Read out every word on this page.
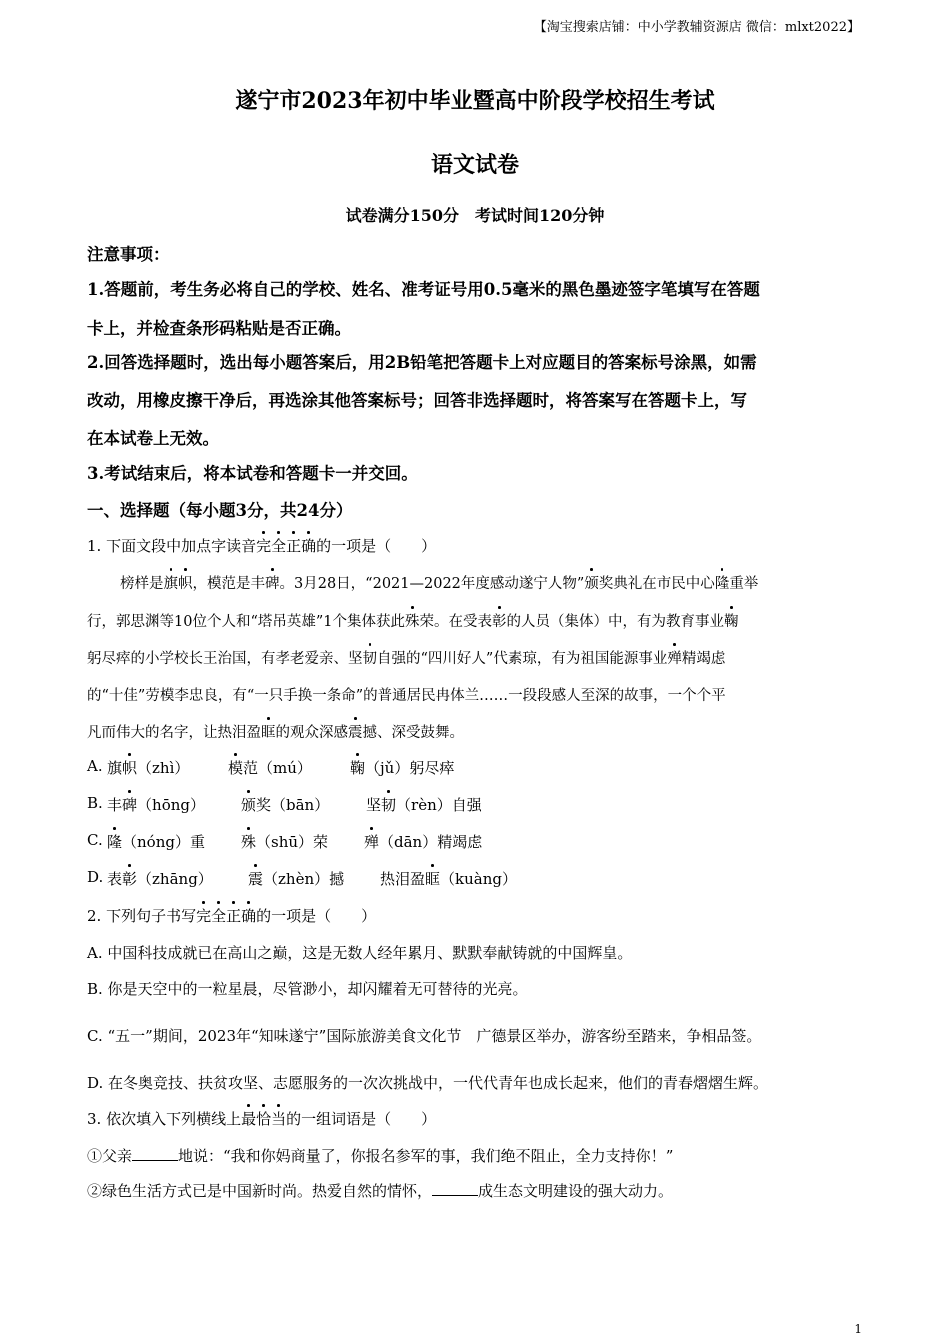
【淘宝搜索店铺：中小学教辅资源店 微信：mlxt2022】
遂宁市2023年初中毕业暨高中阶段学校招生考试
语文试卷
试卷满分150分　考试时间120分钟
注意事项：
1.答题前，考生务必将自己的学校、姓名、准考证号用0.5毫米的黑色墨迹签字笔填写在答题
卡上，并检查条形码粘贴是否正确。
2.回答选择题时，选出每小题答案后，用2B铅笔把答题卡上对应题目的答案标号涂黑，如需
改动，用橡皮擦干净后，再选涂其他答案标号；回答非选择题时，将答案写在答题卡上，写
在本试卷上无效。
3.考试结束后，将本试卷和答题卡一并交回。
一、选择题（每小题3分，共24分）
1. 下面文段中加点字读音完全正确的一项是（　　）
榜样是旗帜，模范是丰碑。3月28日，“2021—2022年度感动遂宁人物”颁奖典礼在市民中心隆重举
行，郭思渊等10位个人和“塔吊英雄”1个集体获此殊荣。在受表彰的人员（集体）中，有为教育事业鞠
躬尽瘁的小学校长王治国，有孝老爱亲、坚韧自强的“四川好人”代素琼，有为祖国能源事业殚精竭虑
的“十佳”劳模李忠良，有“一只手换一条命”的普通居民冉体兰……一段段感人至深的故事，一个个平
凡而伟大的名字，让热泪盈眶的观众深感震撼、深受鼓舞。
A. 旗帜（zhì）	模范（mú）	鞠（jǔ）躬尽瘁
B. 丰碑（hōng） 颁奖（bān） 坚韧（rèn）自强
C. 隆（nóng）重 殊（shū）荣 殚（dān）精竭虑
D. 表彰（zhāng） 震（zhèn）撼 热泪盈眶（kuàng）
2. 下列句子书写完全正确的一项是（　　）
A. 中国科技成就已在高山之巅，这是无数人经年累月、默默奉献铸就的中国辉皇。
B. 你是天空中的一粒星晨，尽管渺小，却闪耀着无可替待的光亮。
C. “五一”期间，2023年“知味遂宁”国际旅游美食文化节　广德景区举办，游客纷至踏来，争相品签。
D. 在冬奥竞技、扶贫攻坚、志愿服务的一次次挑战中，一代代青年也成长起来，他们的青春熠熠生辉。
3. 依次填入下列横线上最恰当的一组词语是（　　）
①父亲	地说：“我和你妈商量了，你报名参军的事，我们绝不阻止，全力支持你！”
②绿色生活方式已是中国新时尚。热爱自然的情怀，	成生态文明建设的强大动力。
1
